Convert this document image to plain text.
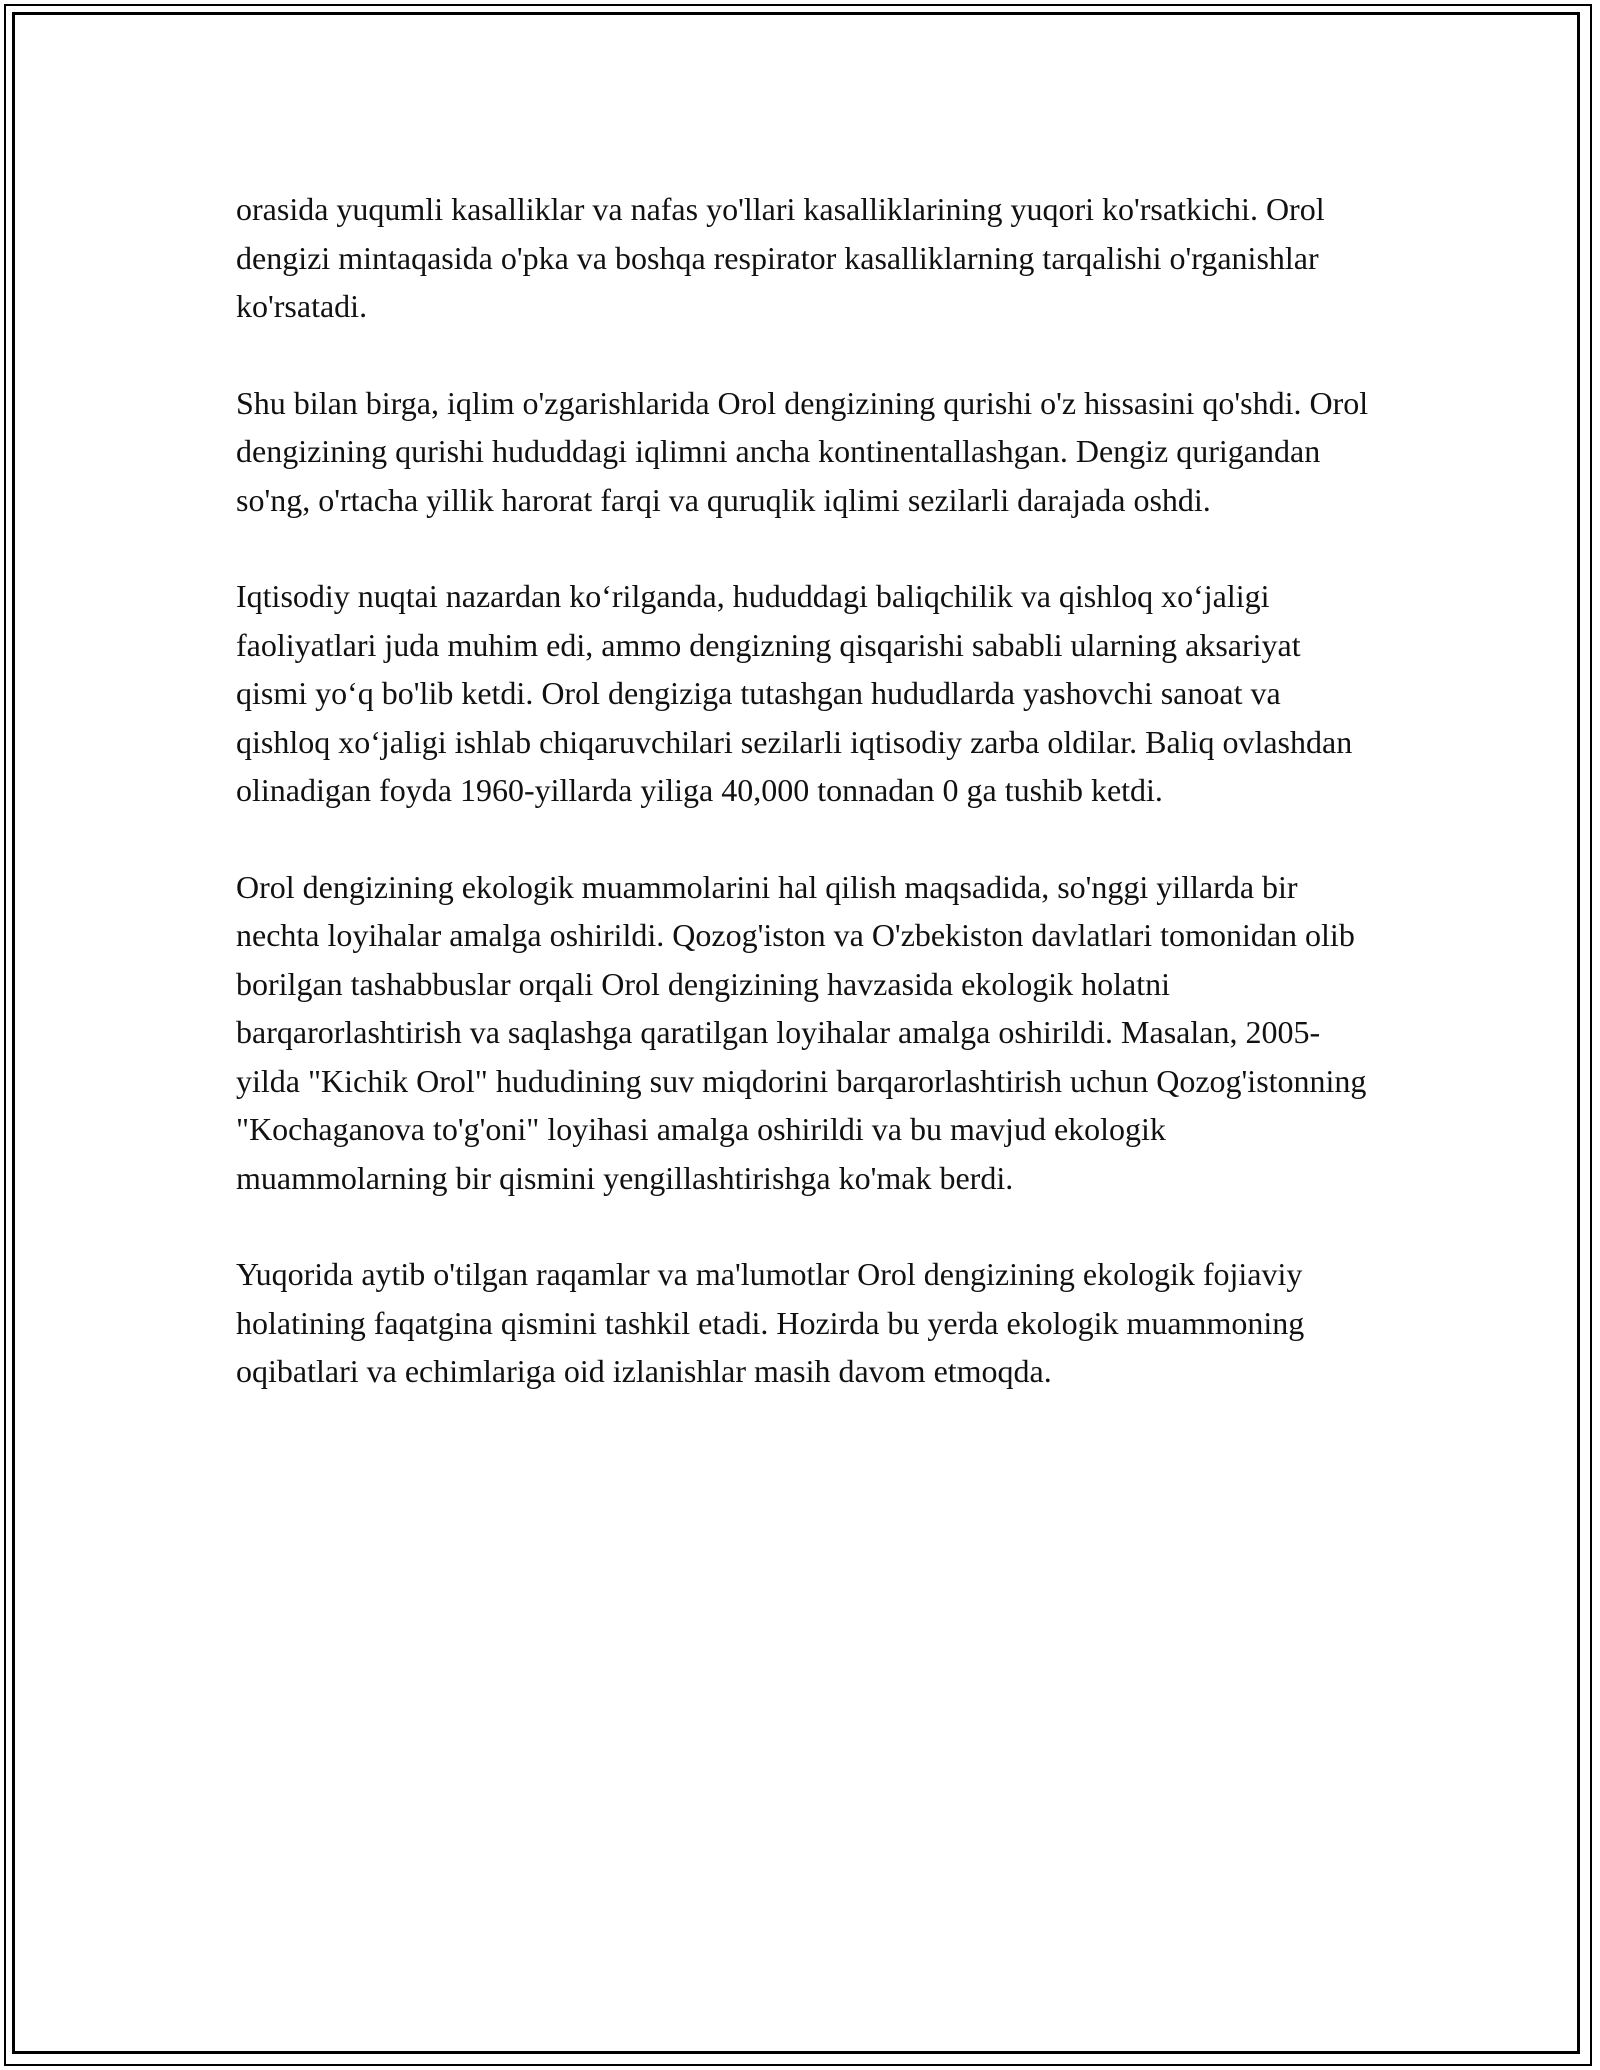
orasida yuqumli kasalliklar va nafas yo'llari kasalliklarining yuqori ko'rsatkichi. Orol dengizi mintaqasida o'pka va boshqa respirator kasalliklarning tarqalishi o'rganishlar ko'rsatadi.

Shu bilan birga, iqlim o'zgarishlarida Orol dengizining qurishi o'z hissasini qo'shdi. Orol dengizining qurishi hududdagi iqlimni ancha kontinentallashgan. Dengiz qurigandan so'ng, o'rtacha yillik harorat farqi va quruqlik iqlimi sezilarli darajada oshdi.

Iqtisodiy nuqtai nazardan ko‘rilganda, hududdagi baliqchilik va qishloq xo‘jaligi faoliyatlari juda muhim edi, ammo dengizning qisqarishi sababli ularning aksariyat qismi yo‘q bo'lib ketdi. Orol dengiziga tutashgan hududlarda yashovchi sanoat va qishloq xo‘jaligi ishlab chiqaruvchilari sezilarli iqtisodiy zarba oldilar. Baliq ovlashdan olinadigan foyda 1960-yillarda yiliga 40,000 tonnadan 0 ga tushib ketdi.

Orol dengizining ekologik muammolarini hal qilish maqsadida, so'nggi yillarda bir nechta loyihalar amalga oshirildi. Qozog'iston va O'zbekiston davlatlari tomonidan olib borilgan tashabbuslar orqali Orol dengizining havzasida ekologik holatni barqarorlashtirish va saqlashga qaratilgan loyihalar amalga oshirildi. Masalan, 2005-yilda "Kichik Orol" hududining suv miqdorini barqarorlashtirish uchun Qozog'istonning "Kochaganova to'g'oni" loyihasi amalga oshirildi va bu mavjud ekologik muammolarning bir qismini yengillashtirishga ko'mak berdi.

Yuqorida aytib o'tilgan raqamlar va ma'lumotlar Orol dengizining ekologik fojiaviy holatining faqatgina qismini tashkil etadi. Hozirda bu yerda ekologik muammoning oqibatlari va echimlariga oid izlanishlar masih davom etmoqda.
